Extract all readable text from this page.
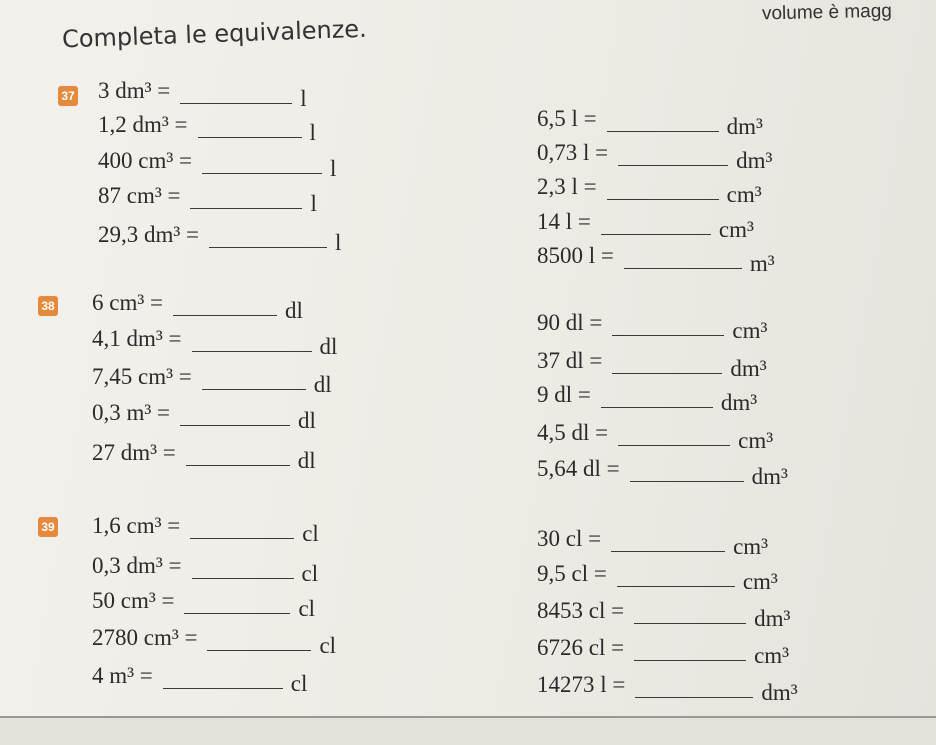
volume è magg
Completa le equivalenze.
37
38
39
3 dm³ =	l
1,2 dm³ =	l
400 cm³ =	l
87 cm³ =	l
29,3 dm³ =	l
6,5 l =	dm³
0,73 l =	dm³
2,3 l =	cm³
14 l =	cm³
8500 l =	m³
6 cm³ =	dl
4,1 dm³ =	dl
7,45 cm³ =	dl
0,3 m³ =	dl
27 dm³ =	dl
90 dl =	cm³
37 dl =	dm³
9 dl =	dm³
4,5 dl =	cm³
5,64 dl =	dm³
1,6 cm³ =	cl
0,3 dm³ =	cl
50 cm³ =	cl
2780 cm³ =	cl
4 m³ =	cl
30 cl =	cm³
9,5 cl =	cm³
8453 cl =	dm³
6726 cl =	cm³
14273 l =	dm³
